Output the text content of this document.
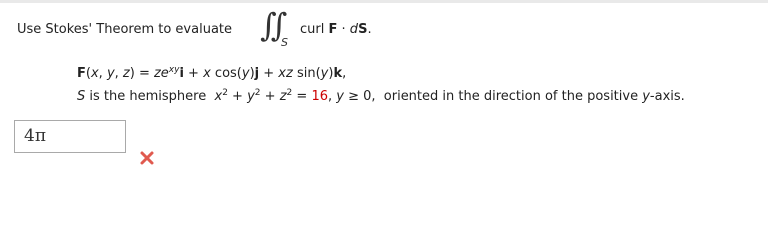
Use Stokes' Theorem to evaluate ∬ S
curl F · dS.
F(x, y, $z) = ze^{xy}i + x$ cos(y)j + xz sin(y)k,
S is the hemisphere  $x^2 + y^2 + z^2 = 16$, y ≥ 0,  oriented in the direction of the positive y-axis.
4π
